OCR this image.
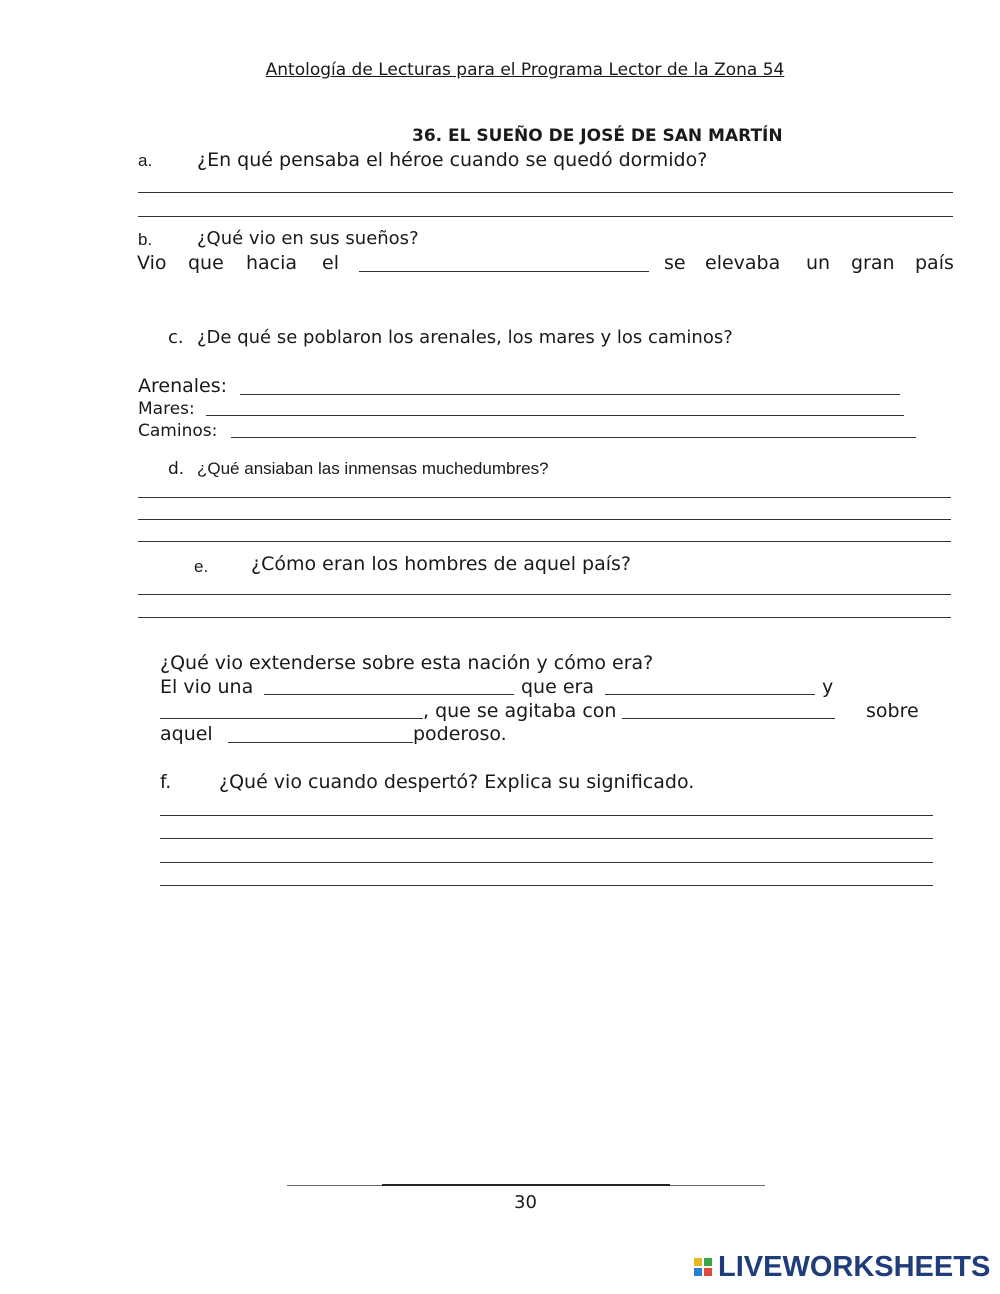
Antología de Lecturas para el Programa Lector de la Zona 54
36. EL SUEÑO DE JOSÉ DE SAN MARTÍN
a. ¿En qué pensaba el héroe cuando se quedó dormido?
b. ¿Qué vio en sus sueños?
Vio que hacia el	se elevaba un gran país
c. ¿De qué se poblaron los arenales, los mares y los caminos?
Arenales:
Mares:
Caminos:
d. ¿Qué ansiaban las inmensas muchedumbres?
e. ¿Cómo eran los hombres de aquel país?
¿Qué vio extenderse sobre esta nación y cómo era?
El vio una	que era	y
, que se agitaba con	sobre
aquel	poderoso.
f.	¿Qué vio cuando despertó? Explica su significado.
30
LIVEWORKSHEETS
